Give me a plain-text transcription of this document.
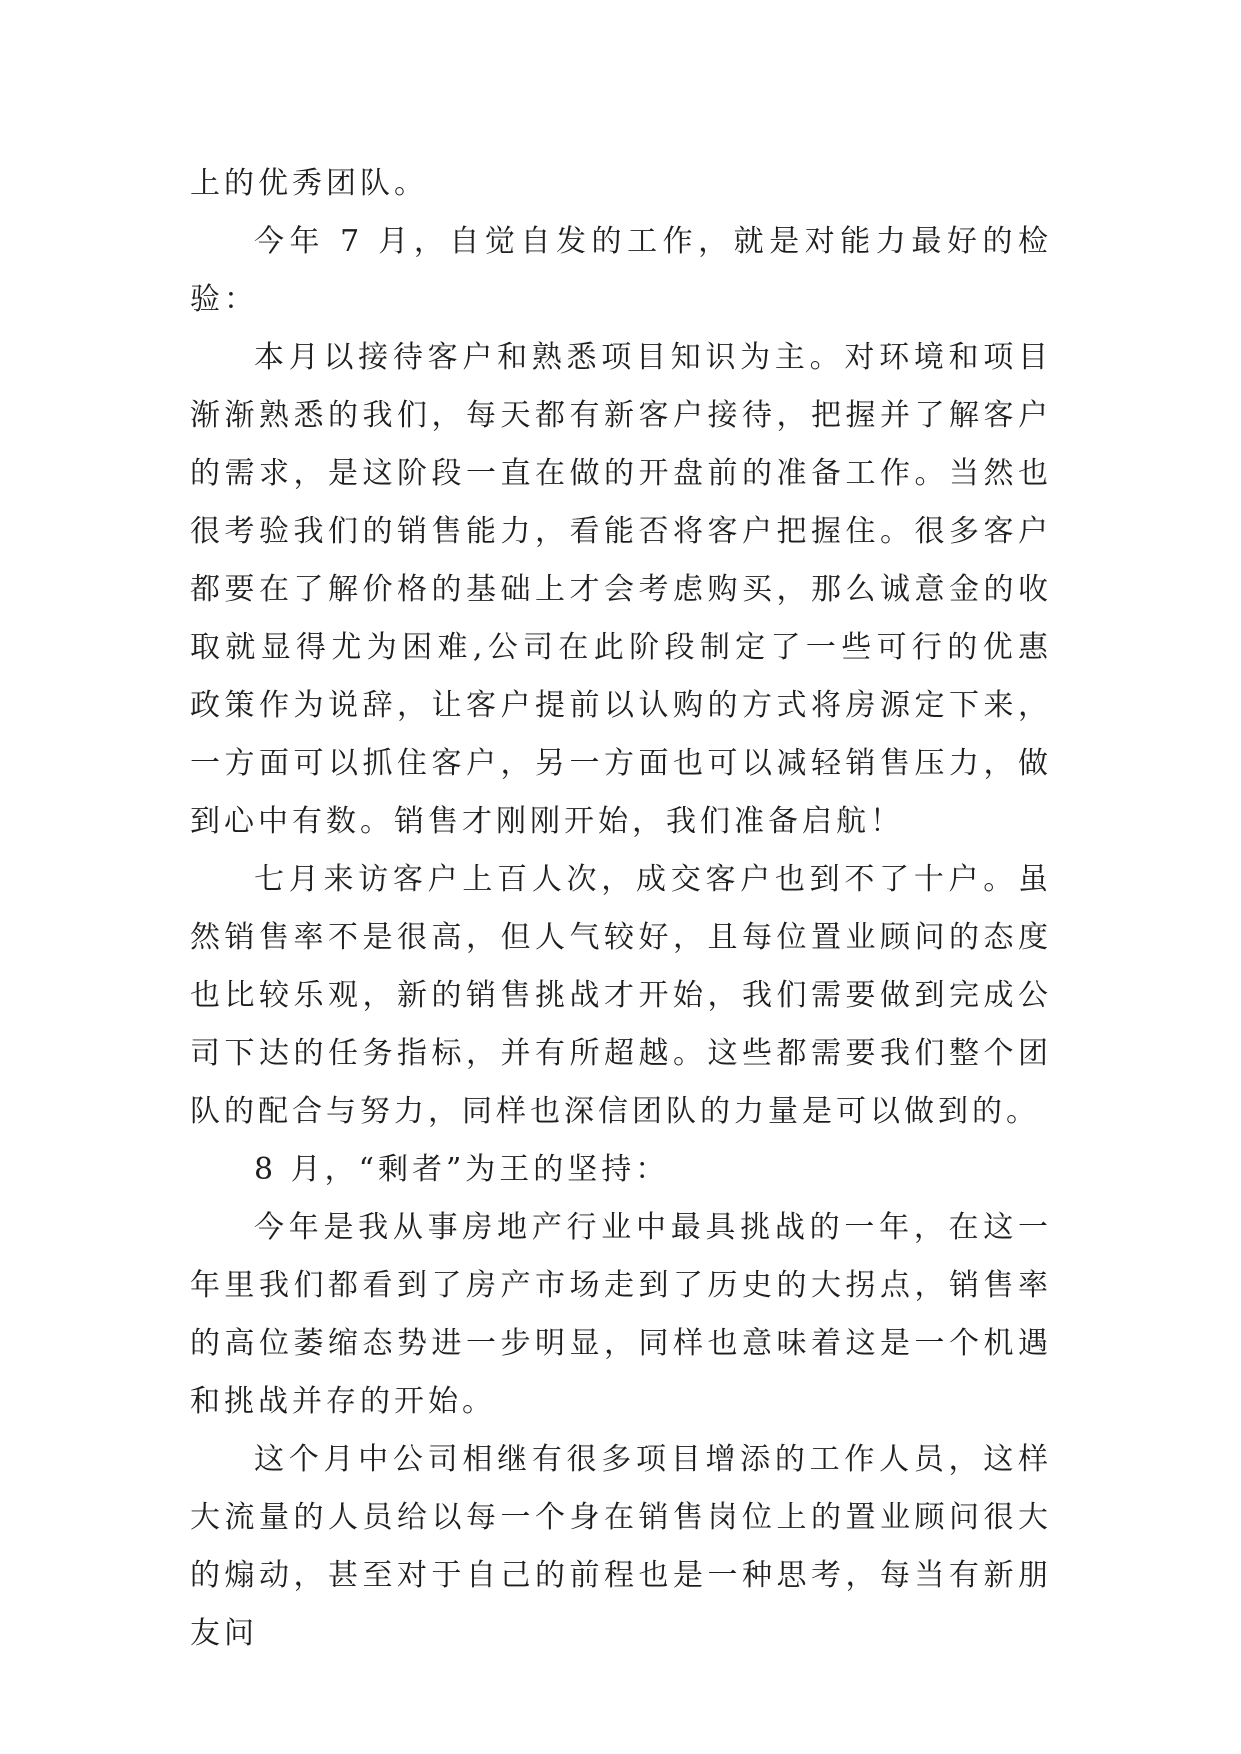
上的优秀团队。

今年 7 月，自觉自发的工作，就是对能力最好的检验：

本月以接待客户和熟悉项目知识为主。对环境和项目渐渐熟悉的我们，每天都有新客户接待，把握并了解客户的需求，是这阶段一直在做的开盘前的准备工作。当然也很考验我们的销售能力，看能否将客户把握住。很多客户都要在了解价格的基础上才会考虑购买，那么诚意金的收取就显得尤为困难,公司在此阶段制定了一些可行的优惠政策作为说辞，让客户提前以认购的方式将房源定下来，一方面可以抓住客户，另一方面也可以减轻销售压力，做到心中有数。销售才刚刚开始，我们准备启航！

七月来访客户上百人次，成交客户也到不了十户。虽然销售率不是很高，但人气较好，且每位置业顾问的态度也比较乐观，新的销售挑战才开始，我们需要做到完成公司下达的任务指标，并有所超越。这些都需要我们整个团队的配合与努力，同样也深信团队的力量是可以做到的。

8 月，“剩者”为王的坚持：

今年是我从事房地产行业中最具挑战的一年，在这一年里我们都看到了房产市场走到了历史的大拐点，销售率的高位萎缩态势进一步明显，同样也意味着这是一个机遇和挑战并存的开始。

这个月中公司相继有很多项目增添的工作人员，这样大流量的人员给以每一个身在销售岗位上的置业顾问很大的煽动，甚至对于自己的前程也是一种思考，每当有新朋友问
